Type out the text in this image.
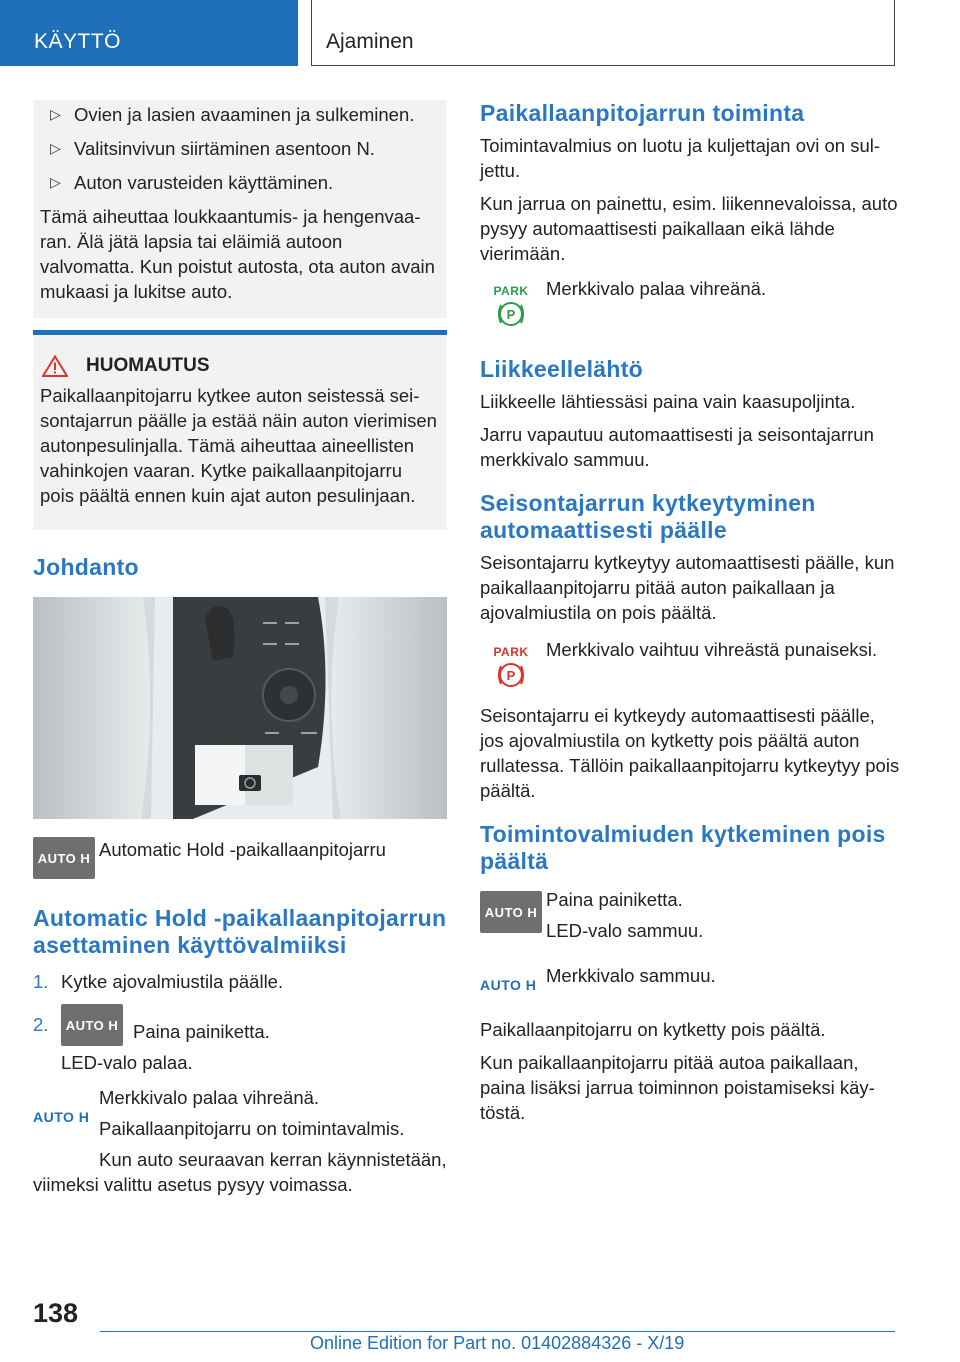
KÄYTTÖ	Ajaminen
▷ Ovien ja lasien avaaminen ja sulkeminen.
▷ Valitsinvivun siirtäminen asentoon N.
▷ Auton varusteiden käyttäminen.

Tämä aiheuttaa loukkaantumis- ja hengenvaaran. Älä jätä lapsia tai eläimiä autoon valvomatta. Kun poistut autosta, ota auton avain mukaasi ja lukitse auto.

HUOMAUTUS

Paikallaanpitojarru kytkee auton seistessä seisontajarrun päälle ja estää näin auton vierimisen autonpesulinjalla. Tämä aiheuttaa aineellisten vahinkojen vaaran. Kytke paikallaanpitojarru pois päältä ennen kuin ajat auton pesulinjaan.

Johdanto
AUTO H Automatic Hold -paikallaanpitojarru

Automatic Hold -paikallaanpitojarrun asettaminen käyttövalmiiksi
1. Kytke ajovalmiustila päälle.
2.	AUTO H Paina painiketta.

LED-valo palaa.

AUTO H

Merkkivalo palaa vihreänä.

Paikallaanpitojarru on toimintavalmis.

Kun auto seuraavan kerran käynnistetään, viimeksi valittu asetus pysyy voimassa.

Paikallaanpitojarrun toiminta

Toimintavalmius on luotu ja kuljettajan ovi on suljettu.

Kun jarrua on painettu, esim. liikennevaloissa, auto pysyy automaattisesti paikallaan eikä lähde vierimään.

PARK
P

Merkkivalo palaa vihreänä.

Liikkeellelähtö

Liikkeelle lähtiessäsi paina vain kaasupoljinta.

Jarru vapautuu automaattisesti ja seisontajarrun merkkivalo sammuu.

Seisontajarrun kytkeytyminen automaattisesti päälle

Seisontajarru kytkeytyy automaattisesti päälle, kun paikallaanpitojarru pitää auton paikallaan ja ajovalmiustila on pois päältä.

PARK
P

Merkkivalo vaihtuu vihreästä punaiseksi.

Seisontajarru ei kytkeydy automaattisesti päälle, jos ajovalmiustila on kytketty pois päältä auton rullatessa. Tällöin paikallaanpitojarru kytkeytyy pois päältä.

Toimintovalmiuden kytkeminen pois päältä
AUTO H

Paina painiketta.

LED-valo sammuu.

AUTO H Merkkivalo sammuu.

Paikallaanpitojarru on kytketty pois päältä.

Kun paikallaanpitojarru pitää autoa paikallaan, paina lisäksi jarrua toiminnon poistamiseksi käytöstä.

138
Online Edition for Part no. 01402884326 - X/19
